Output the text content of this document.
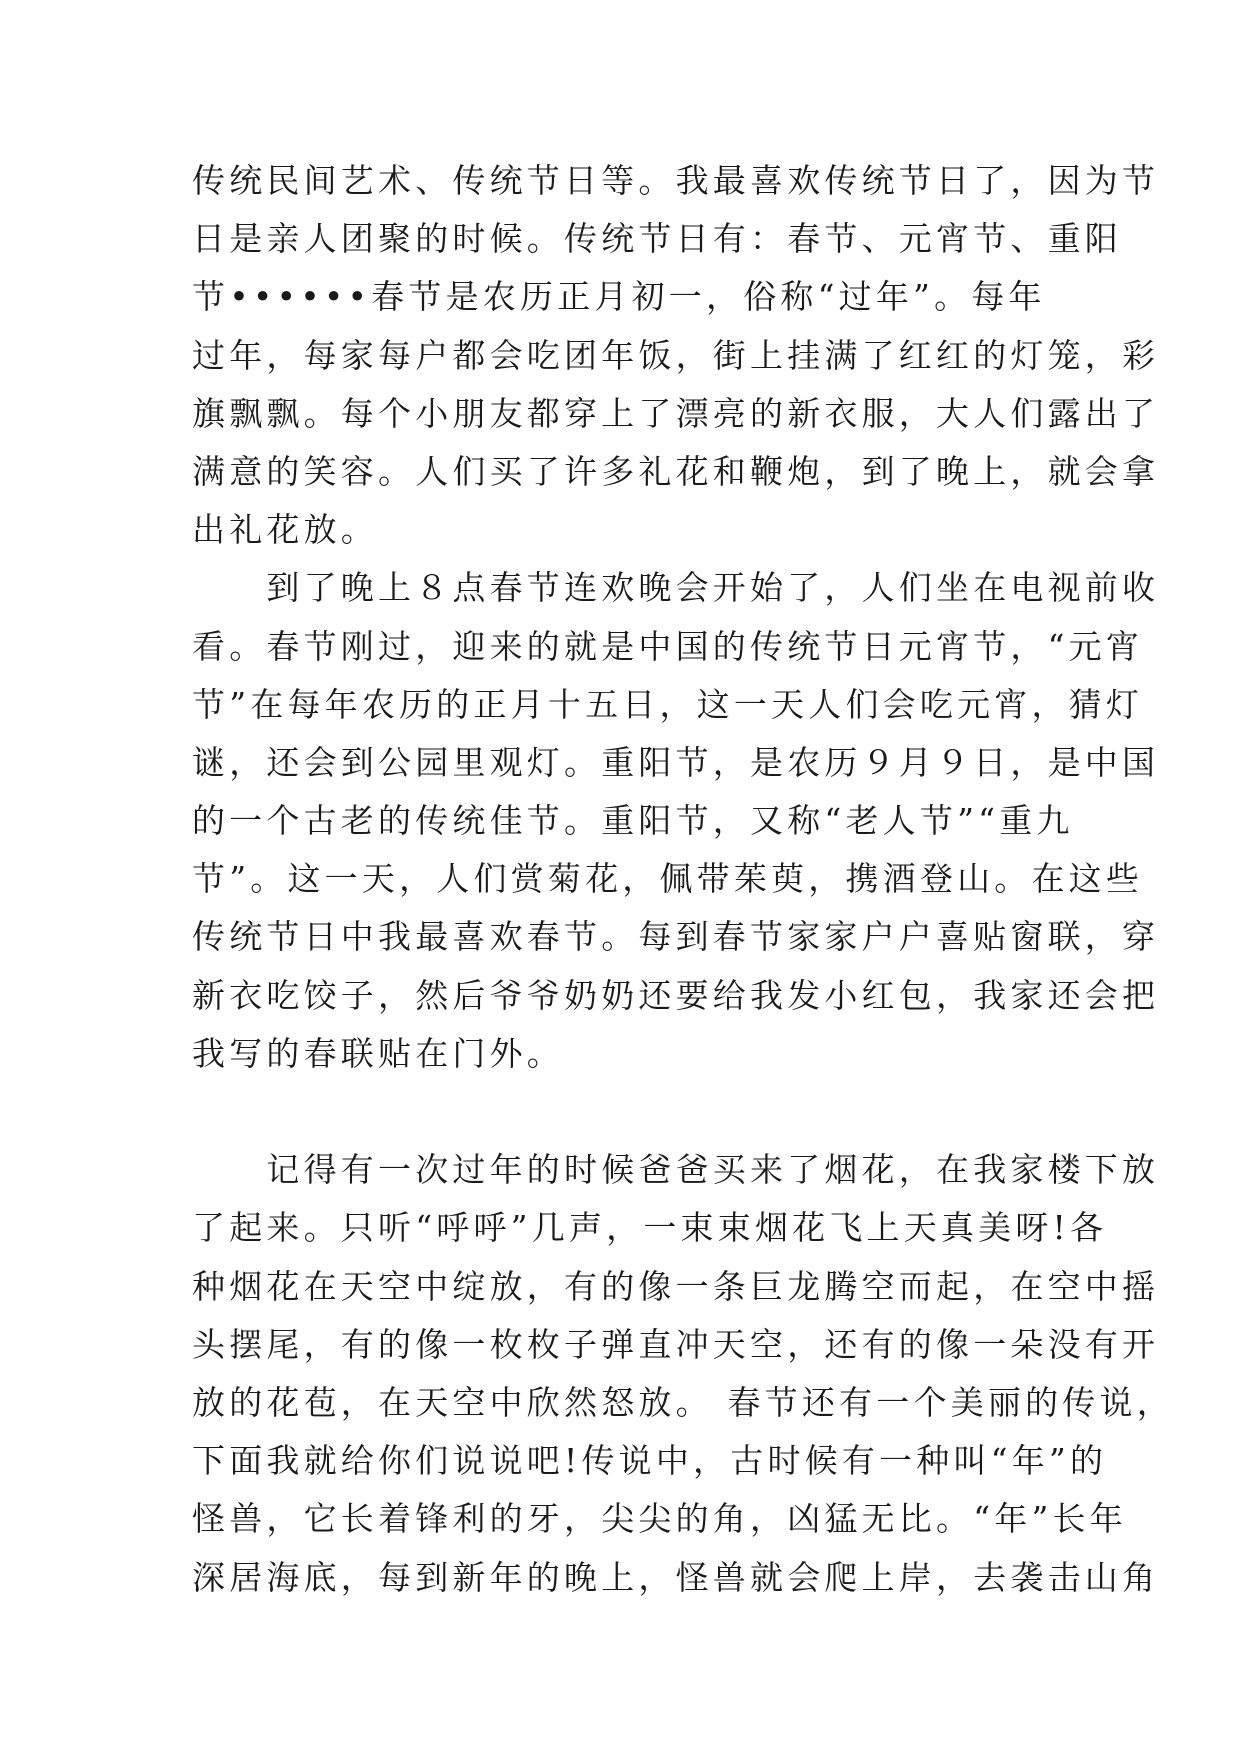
传统民间艺术、传统节日等。我最喜欢传统节日了，因为节
日是亲人团聚的时候。传统节日有：春节、元宵节、重阳
节••••••春节是农历正月初一，俗称“过年”。每年
过年，每家每户都会吃团年饭，街上挂满了红红的灯笼，彩
旗飘飘。每个小朋友都穿上了漂亮的新衣服，大人们露出了
满意的笑容。人们买了许多礼花和鞭炮，到了晚上，就会拿
出礼花放。
　　到了晚上８点春节连欢晚会开始了，人们坐在电视前收
看。春节刚过，迎来的就是中国的传统节日元宵节，“元宵
节”在每年农历的正月十五日，这一天人们会吃元宵，猜灯
谜，还会到公园里观灯。重阳节，是农历９月９日，是中国
的一个古老的传统佳节。重阳节，又称“老人节”“重九
节”。这一天，人们赏菊花，佩带茱萸，携酒登山。在这些
传统节日中我最喜欢春节。每到春节家家户户喜贴窗联，穿
新衣吃饺子，然后爷爷奶奶还要给我发小红包，我家还会把
我写的春联贴在门外。
　　记得有一次过年的时候爸爸买来了烟花，在我家楼下放
了起来。只听“呼呼”几声，一束束烟花飞上天真美呀!各
种烟花在天空中绽放，有的像一条巨龙腾空而起，在空中摇
头摆尾，有的像一枚枚子弹直冲天空，还有的像一朵没有开
放的花苞，在天空中欣然怒放。 春节还有一个美丽的传说，
下面我就给你们说说吧!传说中，古时候有一种叫“年”的
怪兽，它长着锋利的牙，尖尖的角，凶猛无比。“年”长年
深居海底，每到新年的晚上，怪兽就会爬上岸，去袭击山角
